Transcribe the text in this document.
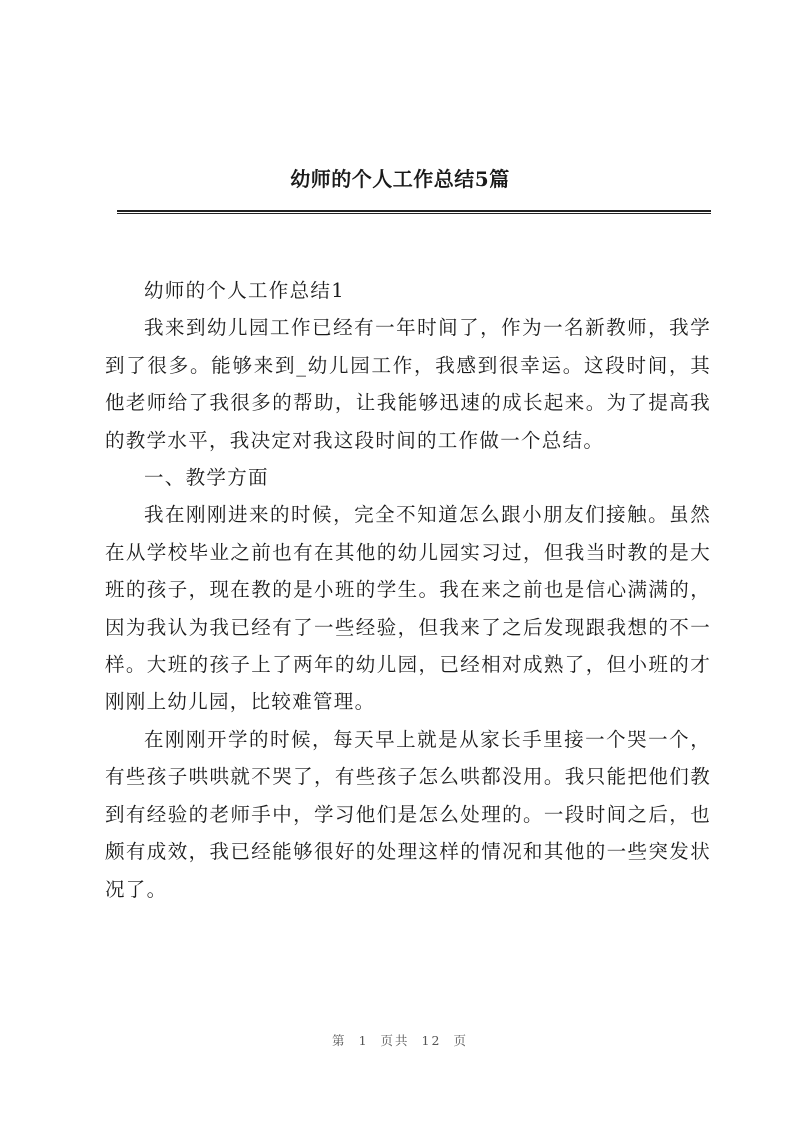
幼师的个人工作总结5篇

幼师的个人工作总结1

我来到幼儿园工作已经有一年时间了，作为一名新教师，我学到了很多。能够来到_幼儿园工作，我感到很幸运。这段时间，其他老师给了我很多的帮助，让我能够迅速的成长起来。为了提高我的教学水平，我决定对我这段时间的工作做一个总结。

一、教学方面

我在刚刚进来的时候，完全不知道怎么跟小朋友们接触。虽然在从学校毕业之前也有在其他的幼儿园实习过，但我当时教的是大班的孩子，现在教的是小班的学生。我在来之前也是信心满满的，因为我认为我已经有了一些经验，但我来了之后发现跟我想的不一样。大班的孩子上了两年的幼儿园，已经相对成熟了，但小班的才刚刚上幼儿园，比较难管理。

在刚刚开学的时候，每天早上就是从家长手里接一个哭一个，有些孩子哄哄就不哭了，有些孩子怎么哄都没用。我只能把他们教到有经验的老师手中，学习他们是怎么处理的。一段时间之后，也颇有成效，我已经能够很好的处理这样的情况和其他的一些突发状况了。

第 1 页共 12 页
